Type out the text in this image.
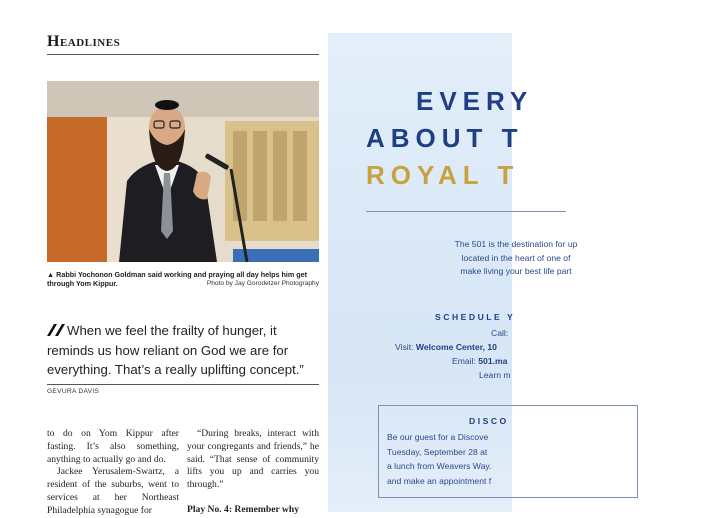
Headlines
▲ Rabbi Yochonon Goldman said working and praying all day helps him get through Yom Kippur.	Photo by Jay Gorodetzer Photography
When we feel the frailty of hunger, it reminds us how reliant on God we are for everything. That’s a really uplifting concept.”
GEVURA DAVIS

to do on Yom Kippur after fasting. It’s also something, anything to actually go and do.

Jackee Yerusalem-Swartz, a resident of the suburbs, went to services at her Northeast Philadelphia synagogue for

“During breaks, interact with your congregants and friends,” he said. “That sense of community lifts you up and carries you through.”

Play No. 4: Remember why

EVERY
ABOUT T
ROYAL T
The 501 is the destination for up
located in the heart of one of
make living your best life part
SCHEDULE Y
Call:
Visit: Welcome Center, 10
Email: 501.ma
Learn m
DISCO
Be our guest for a Discove
Tuesday, September 28 at
a lunch from Weavers Way.
and make an appointment f
